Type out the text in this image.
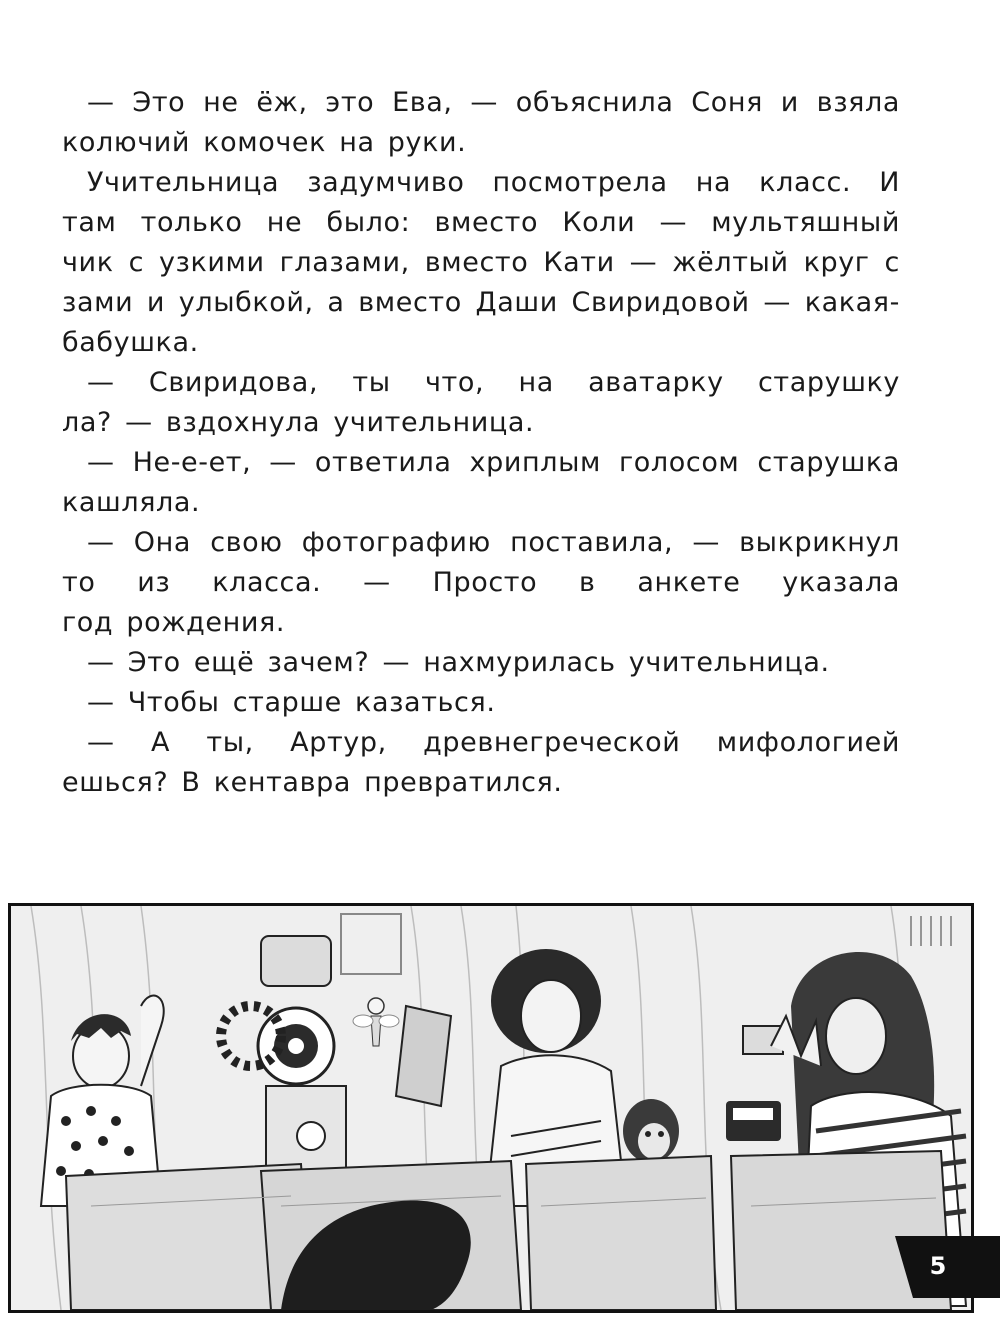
— Это не ёж, это Ева, — объяснила Соня и взяла
колючий комочек на руки.

Учительница задумчиво посмотрела на класс. И
там только не было: вместо Коли — мультяшный
чик с узкими глазами, вместо Кати — жёлтый круг с
зами и улыбкой, а вместо Даши Свиридовой — какая-
бабушка.

— Свиридова, ты что, на аватарку старушку
ла? — вздохнула учительница.

— Не-е-ет, — ответила хриплым голосом старушка
кашляла.

— Она свою фотографию поставила, — выкрикнул
то из класса. — Просто в анкете указала
год рождения.

— Это ещё зачем? — нахмурилась учительница.

— Чтобы старше казаться.

— А ты, Артур, древнегреческой мифологией
ешься? В кентавра превратился.

5
